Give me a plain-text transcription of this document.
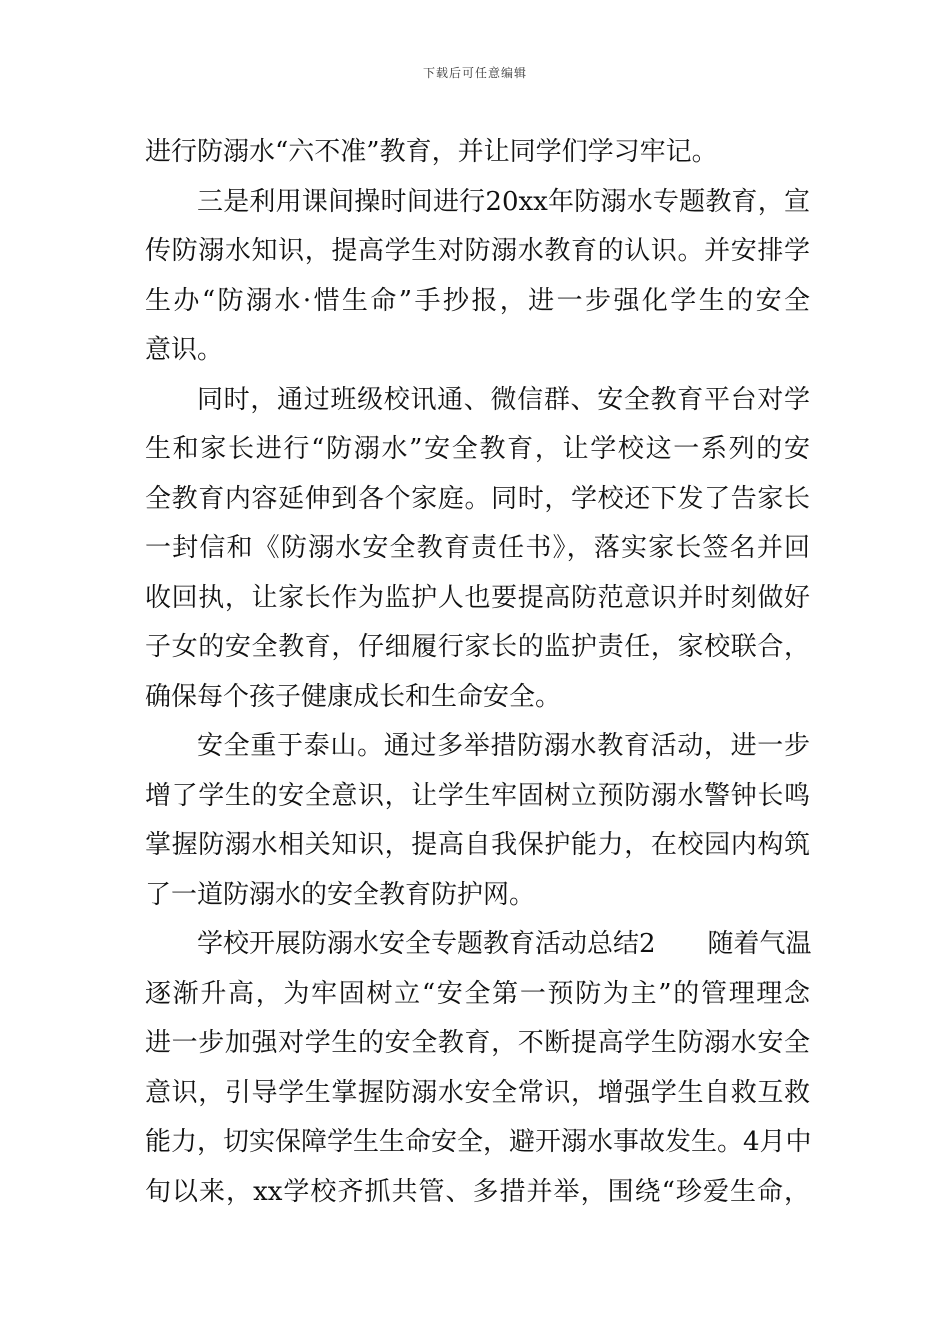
下载后可任意编辑
进行防溺水“六不准”教育，并让同学们学习牢记。
三是利用课间操时间进行20xx年防溺水专题教育，宣
传防溺水知识，提高学生对防溺水教育的认识。并安排学
生办“防溺水·惜生命”手抄报，进一步强化学生的安全
意识。
同时，通过班级校讯通、微信群、安全教育平台对学
生和家长进行“防溺水”安全教育，让学校这一系列的安
全教育内容延伸到各个家庭。同时，学校还下发了告家长
一封信和《防溺水安全教育责任书》，落实家长签名并回
收回执，让家长作为监护人也要提高防范意识并时刻做好
子女的安全教育，仔细履行家长的监护责任，家校联合，
确保每个孩子健康成长和生命安全。
安全重于泰山。通过多举措防溺水教育活动，进一步
增了学生的安全意识，让学生牢固树立预防溺水警钟长鸣
掌握防溺水相关知识，提高自我保护能力，在校园内构筑
了一道防溺水的安全教育防护网。
学校开展防溺水安全专题教育活动总结2　　随着气温
逐渐升高，为牢固树立“安全第一预防为主”的管理理念
进一步加强对学生的安全教育，不断提高学生防溺水安全
意识，引导学生掌握防溺水安全常识，增强学生自救互救
能力，切实保障学生生命安全，避开溺水事故发生。4月中
旬以来，xx学校齐抓共管、多措并举，围绕“珍爱生命，
